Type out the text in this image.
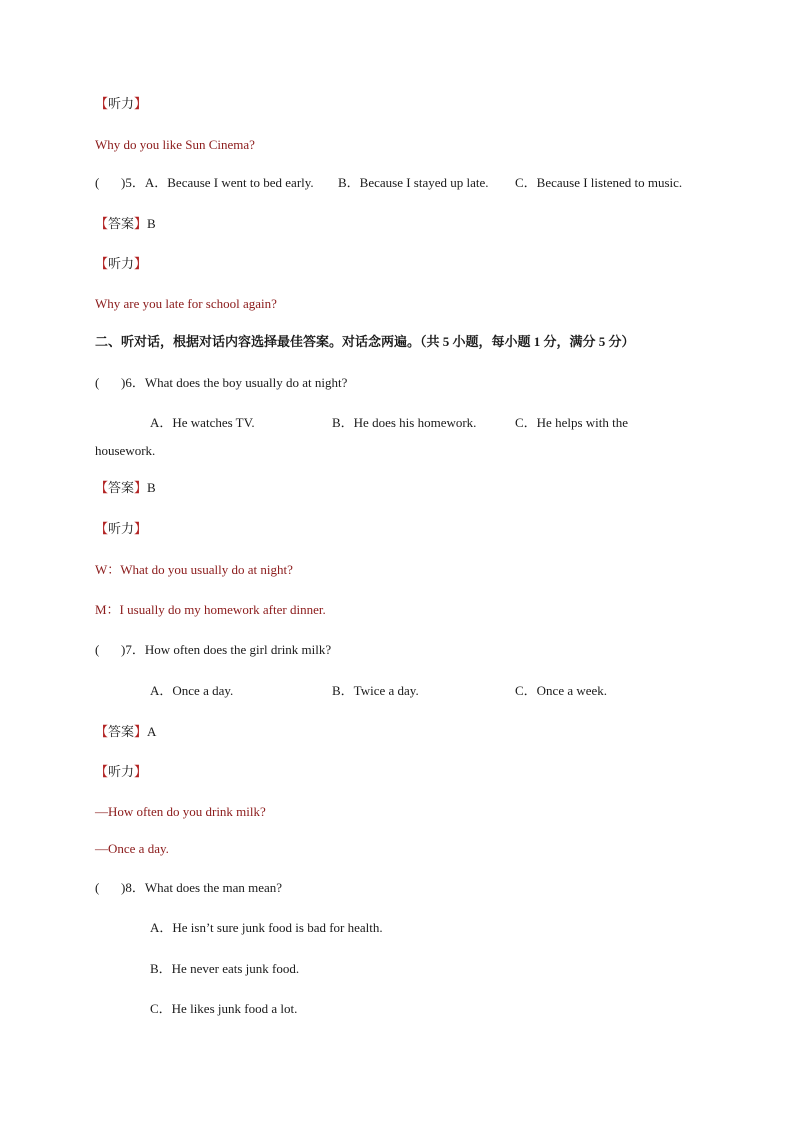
【听力】
Why do you like Sun Cinema?
( )5．A．Because I went to bed early. B．Because I stayed up late. C．Because I listened to music.
【答案】B
【听力】
Why are you late for school again?
二、听对话，根据对话内容选择最佳答案。对话念两遍。（共 5 小题，每小题 1 分，满分 5 分）
( )6．What does the boy usually do at night?
A．He watches TV.	B．He does his homework.	C．He helps with the
housework.
【答案】B
【听力】
W：What do you usually do at night?
M：I usually do my homework after dinner.
( )7．How often does the girl drink milk?
A．Once a day.	B．Twice a day.	C．Once a week.
【答案】A
【听力】
—How often do you drink milk?
—Once a day.
( )8．What does the man mean?
A．He isn’t sure junk food is bad for health.
B．He never eats junk food.
C．He likes junk food a lot.
